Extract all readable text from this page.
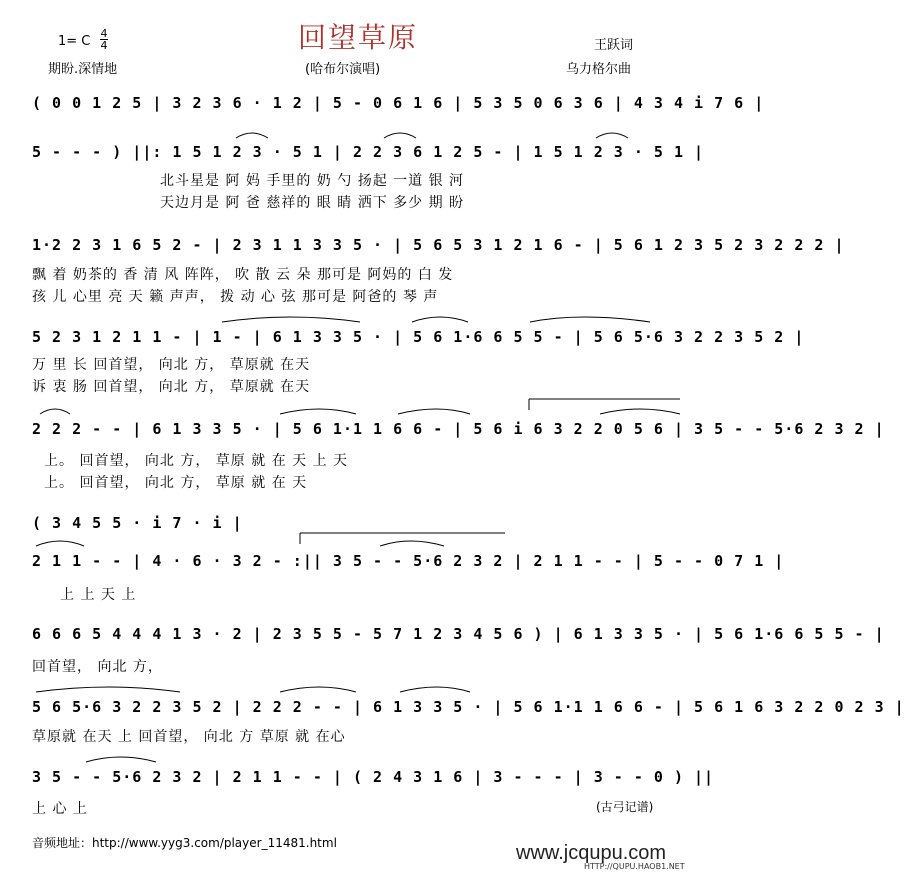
回望草原
1= C
4
4
期盼.深情地	(哈布尔演唱)
王跃词
乌力格尔曲
( 0 0 1 2 5 | 3 2 3 6 · 1 2 | 5 - 0 6 1 6 | 5 3 5 0 6 3 6 | 4 3 4 i 7 6 |
5 - - - ) ||: 1 5 1 2 3 · 5 1 | 2 2 3 6 1 2 5 - | 1 5 1 2 3 · 5 1 |
北斗星是 阿 妈 手里的 奶 勺 扬起 一道 银 河
天边月是 阿 爸 慈祥的 眼 睛 洒下 多少 期 盼
1·2 2 3 1 6 5 2 - | 2 3 1 1 3 3 5 · | 5 6 5 3 1 2 1 6 - | 5 6 1 2 3 5 2 3 2 2 2 |
飘 着 奶茶的 香 清 风 阵阵， 吹 散 云 朵 那可是 阿妈的 白 发
孩 儿 心里 亮 天 籁 声声， 拨 动 心 弦 那可是 阿爸的 琴 声
5 2 3 1 2 1 1 - | 1 - | 6 1 3 3 5 · | 5 6 1·6 6 5 5 - | 5 6 5·6 3 2 2 3 5 2 |
万 里 长 回首望， 向北 方， 草原就 在天
诉 衷 肠 回首望， 向北 方， 草原就 在天
2 2 2 - - | 6 1 3 3 5 · | 5 6 1·1 1 6 6 - | 5 6 i 6 3 2 2 0 5 6 | 3 5 - - 5·6 2 3 2 |
上。 回首望， 向北 方， 草原 就 在 天 上 天
上。 回首望， 向北 方， 草原 就 在 天
( 3 4 5 5 · i 7 · i |
2 1 1 - - | 4 · 6 · 3 2 - :|| 3 5 - - 5·6 2 3 2 | 2 1 1 - - | 5 - - 0 7 1 |
上 上 天 上
6 6 6 5 4 4 4 1 3 · 2 | 2 3 5 5 - 5 7 1 2 3 4 5 6 ) | 6 1 3 3 5 · | 5 6 1·6 6 5 5 - |
回首望， 向北 方，
5 6 5·6 3 2 2 3 5 2 | 2 2 2 - - | 6 1 3 3 5 · | 5 6 1·1 1 6 6 - | 5 6 1 6 3 2 2 0 2 3 |
草原就 在天 上 回首望， 向北 方 草原 就 在心
3 5 - - 5·6 2 3 2 | 2 1 1 - - | ( 2 4 3 1 6 | 3 - - - | 3 - - 0 ) ||
上 心 上	(古弓记谱)
音频地址：http://www.yyg3.com/player_11481.html	www.jcqupu.com
HTTP://QUPU.HAOB1.NET
